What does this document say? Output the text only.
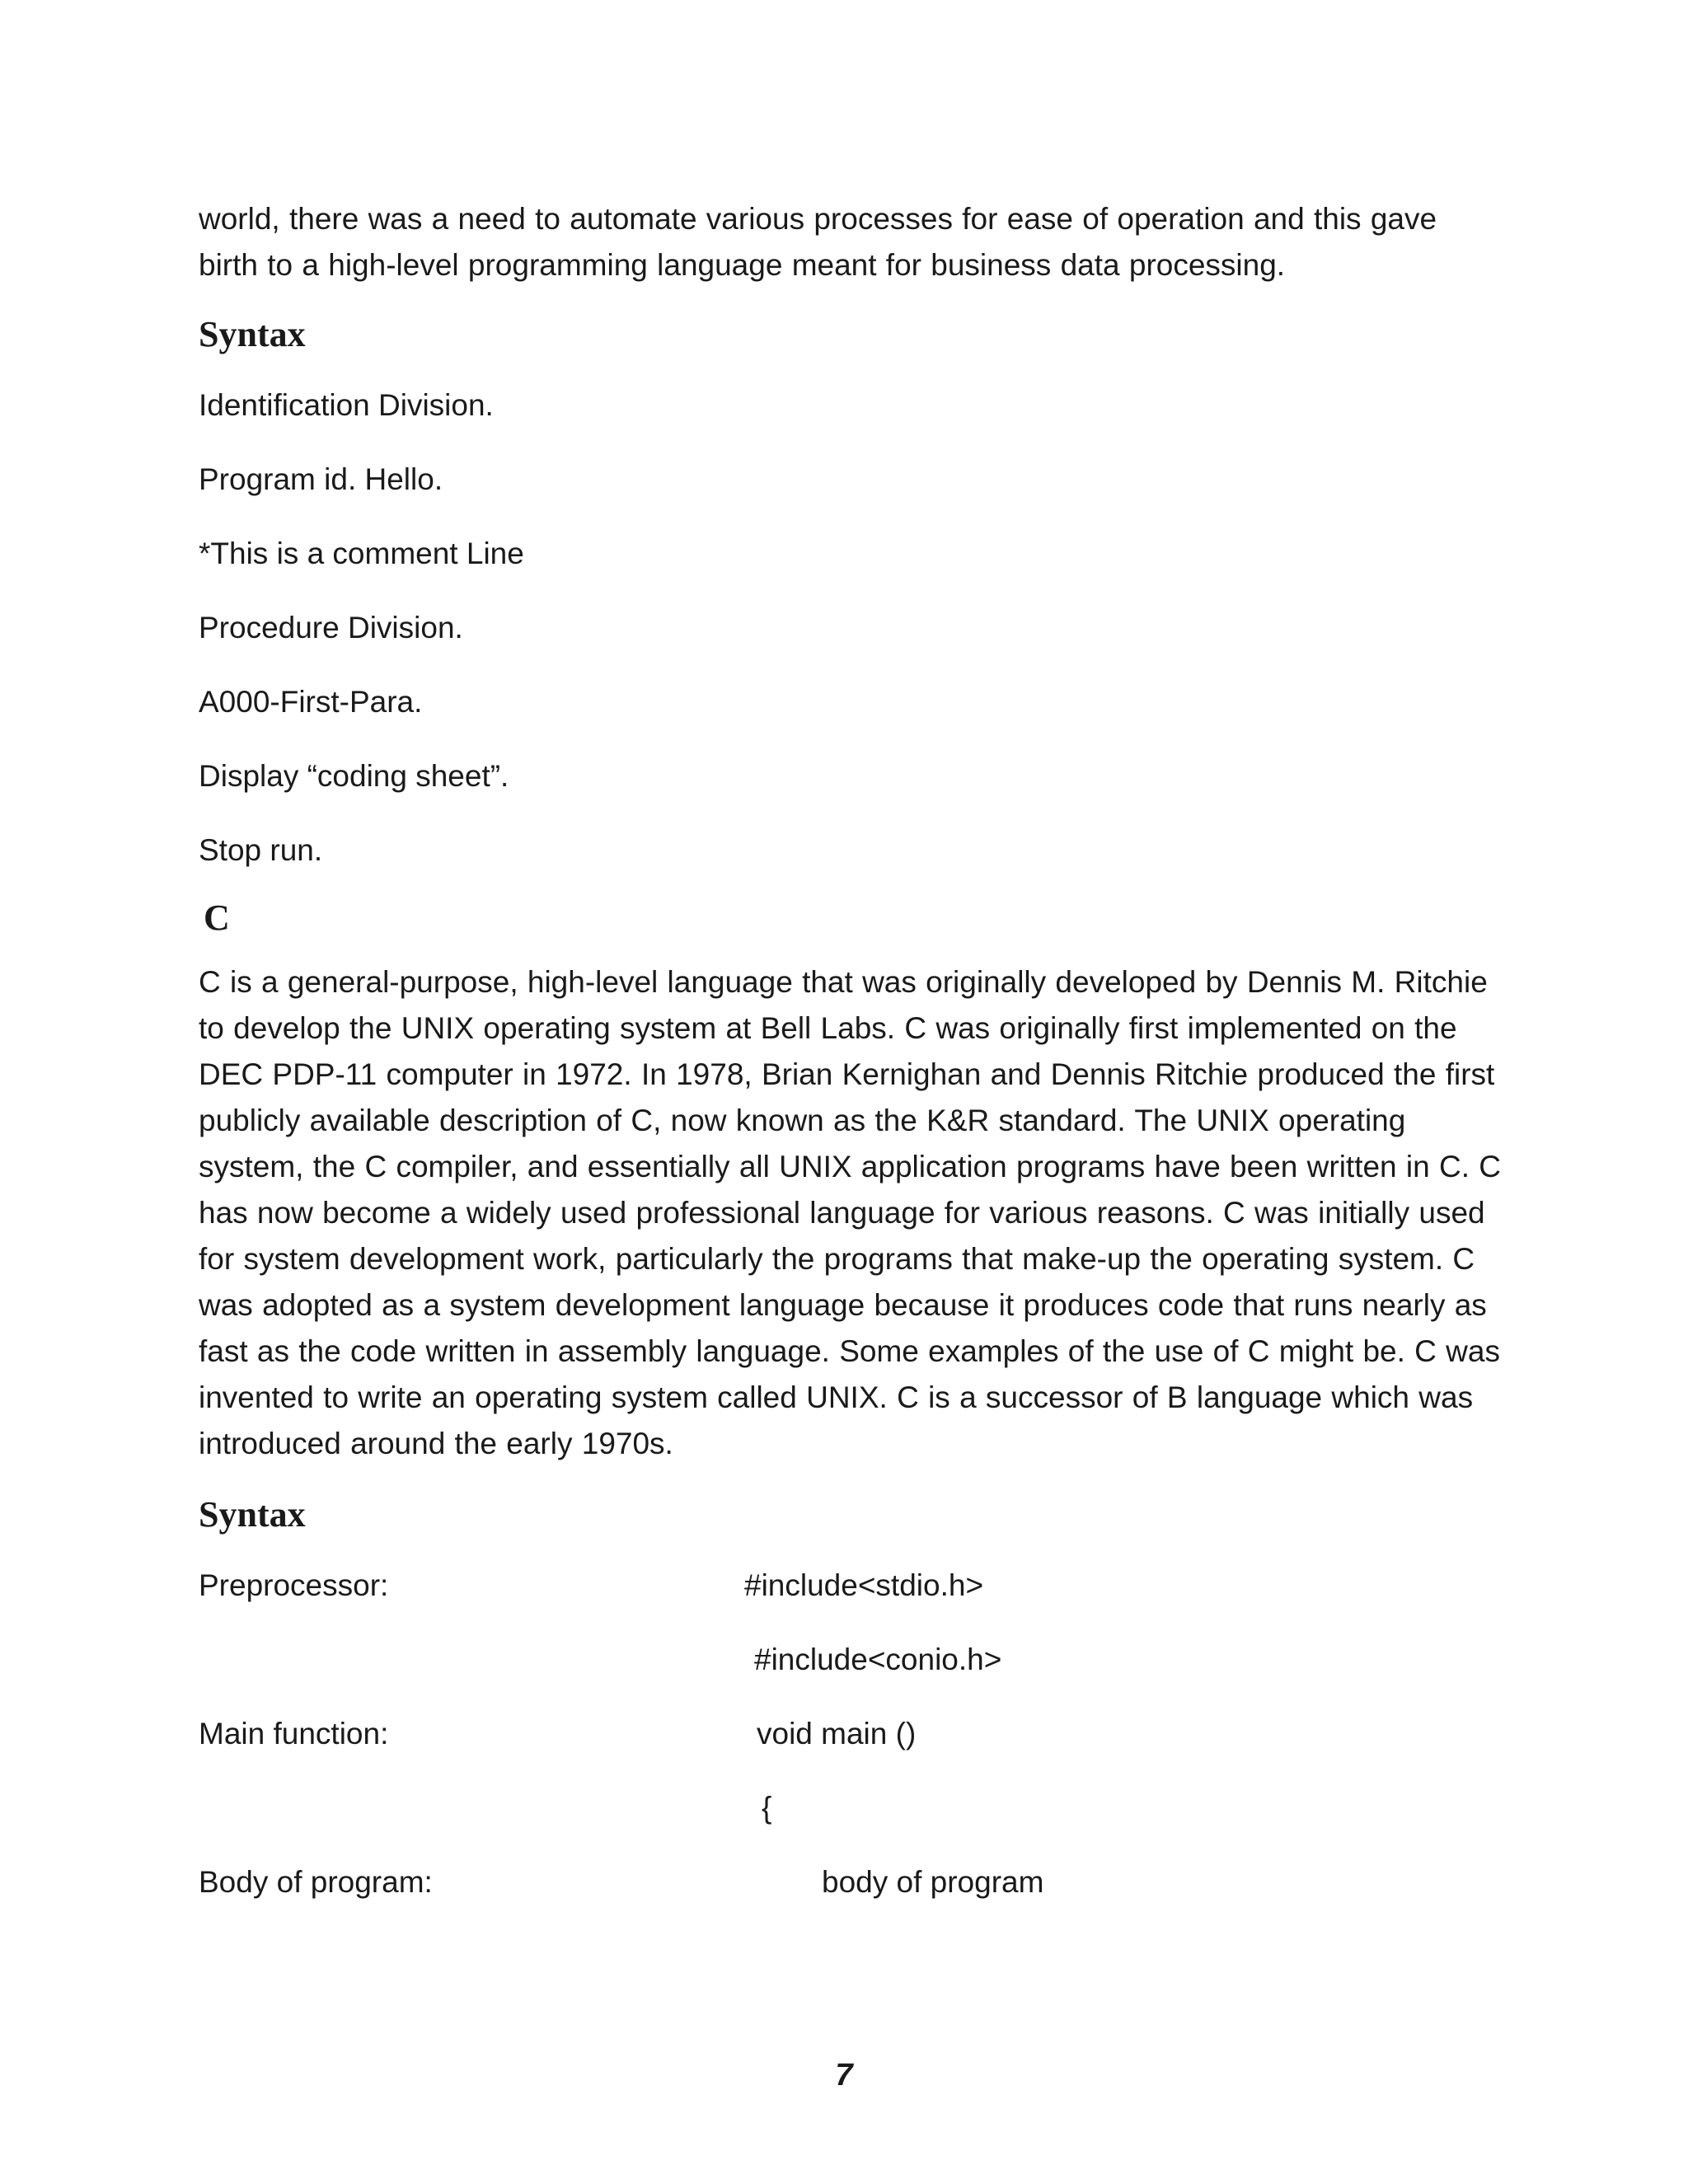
world, there was a need to automate various processes for ease of operation and this gave

birth to a high-level programming language meant for business data processing.

Syntax

Identification Division.

Program id. Hello.

*This is a comment Line

Procedure Division.

A000-First-Para.

Display “coding sheet”.

Stop run.

C

C is a general-purpose, high-level language that was originally developed by Dennis M. Ritchie

to develop the UNIX operating system at Bell Labs. C was originally first implemented on the

DEC PDP-11 computer in 1972. In 1978, Brian Kernighan and Dennis Ritchie produced the first

publicly available description of C, now known as the K&R standard. The UNIX operating

system, the C compiler, and essentially all UNIX application programs have been written in C. C

has now become a widely used professional language for various reasons. C was initially used

for system development work, particularly the programs that make-up the operating system. C

was adopted as a system development language because it produces code that runs nearly as

fast as the code written in assembly language. Some examples of the use of C might be. C was

invented to write an operating system called UNIX. C is a successor of B language which was

introduced around the early 1970s.

Syntax
Preprocessor:	#include<stdio.h>
#include<conio.h>
Main function:	void main ()
{
Body of program:	body of program
7
